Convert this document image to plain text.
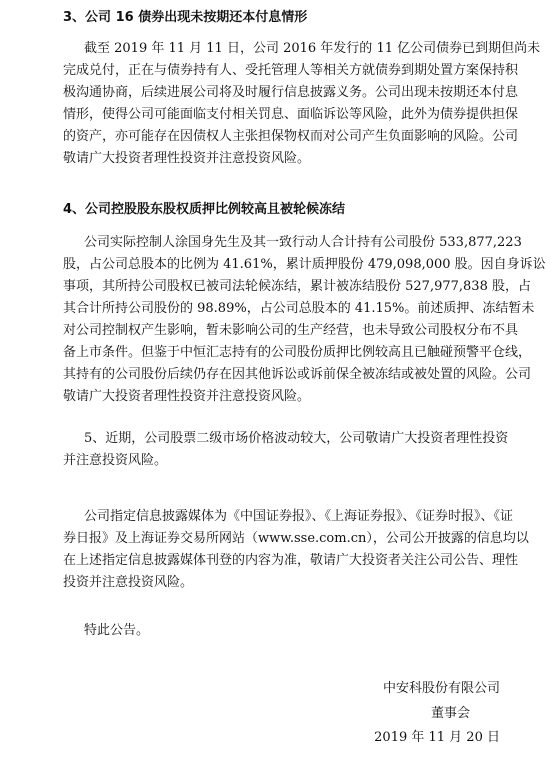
3、公司 16 债券出现未按期还本付息情形
截至 2019 年 11 月 11 日，公司 2016 年发行的 11 亿公司债券已到期但尚未
完成兑付，正在与债券持有人、受托管理人等相关方就债券到期处置方案保持积
极沟通协商，后续进展公司将及时履行信息披露义务。公司出现未按期还本付息
情形，使得公司可能面临支付相关罚息、面临诉讼等风险，此外为债券提供担保
的资产，亦可能存在因债权人主张担保物权而对公司产生负面影响的风险。公司
敬请广大投资者理性投资并注意投资风险。
4、公司控股股东股权质押比例较高且被轮候冻结
公司实际控制人涂国身先生及其一致行动人合计持有公司股份 533,877,223
股，占公司总股本的比例为 41.61%，累计质押股份 479,098,000 股。因自身诉讼
事项，其所持公司股权已被司法轮候冻结，累计被冻结股份 527,977,838 股，占
其合计所持公司股份的 98.89%，占公司总股本的 41.15%。前述质押、冻结暂未
对公司控制权产生影响，暂未影响公司的生产经营，也未导致公司股权分布不具
备上市条件。但鉴于中恒汇志持有的公司股份质押比例较高且已触碰预警平仓线，
其持有的公司股份后续仍存在因其他诉讼或诉前保全被冻结或被处置的风险。公司
敬请广大投资者理性投资并注意投资风险。
5、近期，公司股票二级市场价格波动较大，公司敬请广大投资者理性投资
并注意投资风险。
公司指定信息披露媒体为《中国证券报》、《上海证券报》、《证券时报》、《证
券日报》及上海证券交易所网站（www.sse.com.cn），公司公开披露的信息均以
在上述指定信息披露媒体刊登的内容为准，敬请广大投资者关注公司公告、理性
投资并注意投资风险。
特此公告。
中安科股份有限公司
董事会
2019 年 11 月 20 日
